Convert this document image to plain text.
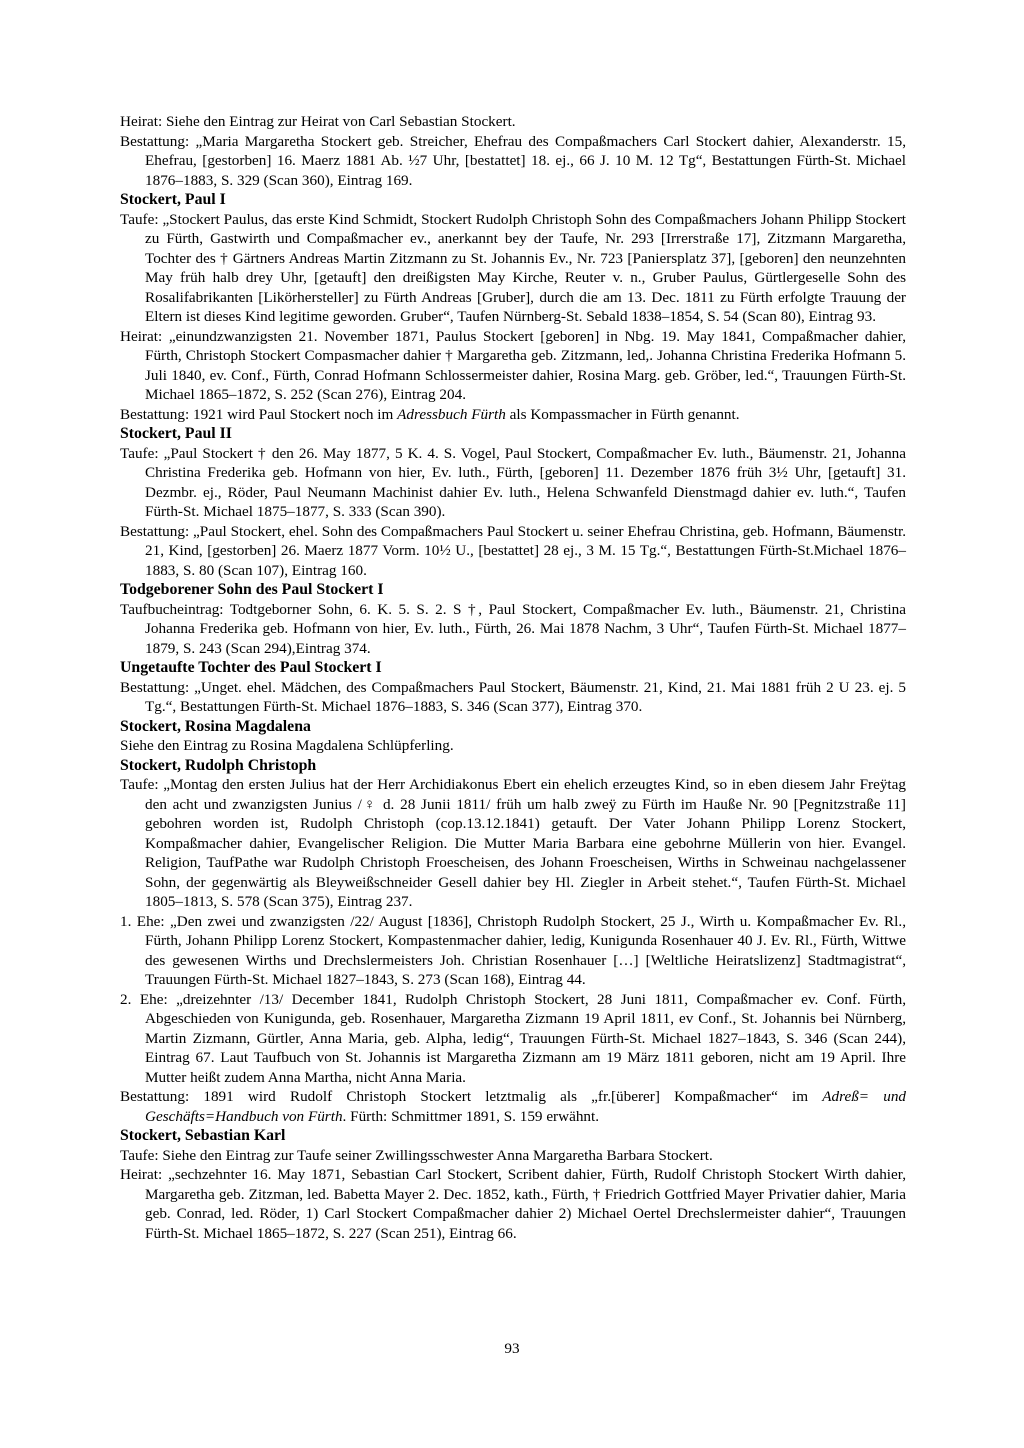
Heirat: Siehe den Eintrag zur Heirat von Carl Sebastian Stockert.

Bestattung: „Maria Margaretha Stockert geb. Streicher, Ehefrau des Compaßmachers Carl Stockert dahier, Alexanderstr. 15, Ehefrau, [gestorben] 16. Maerz 1881 Ab. ½7 Uhr, [bestattet] 18. ej., 66 J. 10 M. 12 Tg“, Bestattungen Fürth-St. Michael 1876–1883, S. 329 (Scan 360), Eintrag 169.

Stockert, Paul I

Taufe: „Stockert Paulus, das erste Kind Schmidt, Stockert Rudolph Christoph Sohn des Compaßmachers Johann Philipp Stockert zu Fürth, Gastwirth und Compaßmacher ev., anerkannt bey der Taufe, Nr. 293 [Irrerstraße 17], Zitzmann Margaretha, Tochter des † Gärtners Andreas Martin Zitzmann zu St. Johannis Ev., Nr. 723 [Paniersplatz 37], [geboren] den neunzehnten May früh halb drey Uhr, [getauft] den dreißigsten May Kirche, Reuter v. n., Gruber Paulus, Gürtlergeselle Sohn des Rosalifabrikanten [Likörhersteller] zu Fürth Andreas [Gruber], durch die am 13. Dec. 1811 zu Fürth erfolgte Trauung der Eltern ist dieses Kind legitime geworden. Gruber“, Taufen Nürnberg-St. Sebald 1838–1854, S. 54 (Scan 80), Eintrag 93.

Heirat: „einundzwanzigsten 21. November 1871, Paulus Stockert [geboren] in Nbg. 19. May 1841, Compaßmacher dahier, Fürth, Christoph Stockert Compasmacher dahier † Margaretha geb. Zitzmann, led,. Johanna Christina Frederika Hofmann 5. Juli 1840, ev. Conf., Fürth, Conrad Hofmann Schlossermeister dahier, Rosina Marg. geb. Gröber, led.“, Trauungen Fürth-St. Michael 1865–1872, S. 252 (Scan 276), Eintrag 204.

Bestattung: 1921 wird Paul Stockert noch im Adressbuch Fürth als Kompassmacher in Fürth genannt.

Stockert, Paul II

Taufe: „Paul Stockert † den 26. May 1877, 5 K. 4. S. Vogel, Paul Stockert, Compaßmacher Ev. luth., Bäumenstr. 21, Johanna Christina Frederika geb. Hofmann von hier, Ev. luth., Fürth, [geboren] 11. Dezember 1876 früh 3½ Uhr, [getauft] 31. Dezmbr. ej., Röder, Paul Neumann Machinist dahier Ev. luth., Helena Schwanfeld Dienstmagd dahier ev. luth.“, Taufen Fürth-St. Michael 1875–1877, S. 333 (Scan 390).

Bestattung: „Paul Stockert, ehel. Sohn des Compaßmachers Paul Stockert u. seiner Ehefrau Christina, geb. Hofmann, Bäumenstr. 21, Kind, [gestorben] 26. Maerz 1877 Vorm. 10½ U., [bestattet] 28 ej., 3 M. 15 Tg.“, Bestattungen Fürth-St.Michael 1876–1883, S. 80 (Scan 107), Eintrag 160.

Todgeborener Sohn des Paul Stockert I

Taufbucheintrag: Todtgeborner Sohn, 6. K. 5. S. 2. S †, Paul Stockert, Compaßmacher Ev. luth., Bäumenstr. 21, Christina Johanna Frederika geb. Hofmann von hier, Ev. luth., Fürth, 26. Mai 1878 Nachm, 3 Uhr“, Taufen Fürth-St. Michael 1877–1879, S. 243 (Scan 294),Eintrag 374.

Ungetaufte Tochter des Paul Stockert I

Bestattung: „Unget. ehel. Mädchen, des Compaßmachers Paul Stockert, Bäumenstr. 21, Kind, 21. Mai 1881 früh 2 U 23. ej. 5 Tg.“, Bestattungen Fürth-St. Michael 1876–1883, S. 346 (Scan 377), Eintrag 370.

Stockert, Rosina Magdalena

Siehe den Eintrag zu Rosina Magdalena Schlüpferling.

Stockert, Rudolph Christoph

Taufe: „Montag den ersten Julius hat der Herr Archidiakonus Ebert ein ehelich erzeugtes Kind, so in eben diesem Jahr Freÿtag den acht und zwanzigsten Junius /♀ d. 28 Junii 1811/ früh um halb zweÿ zu Fürth im Hauße Nr. 90 [Pegnitzstraße 11] gebohren worden ist, Rudolph Christoph (cop.13.12.1841) getauft. Der Vater Johann Philipp Lorenz Stockert, Kompaßmacher dahier, Evangelischer Religion. Die Mutter Maria Barbara eine gebohrne Müllerin von hier. Evangel. Religion, TaufPathe war Rudolph Christoph Froescheisen, des Johann Froescheisen, Wirths in Schweinau nachgelassener Sohn, der gegenwärtig als Bleyweißschneider Gesell dahier bey Hl. Ziegler in Arbeit stehet.“, Taufen Fürth-St. Michael 1805–1813, S. 578 (Scan 375), Eintrag 237.

1. Ehe: „Den zwei und zwanzigsten /22/ August [1836], Christoph Rudolph Stockert, 25 J., Wirth u. Kompaßmacher Ev. Rl., Fürth, Johann Philipp Lorenz Stockert, Kompastenmacher dahier, ledig, Kunigunda Rosenhauer 40 J. Ev. Rl., Fürth, Wittwe des gewesenen Wirths und Drechslermeisters Joh. Christian Rosenhauer […] [Weltliche Heiratslizenz] Stadtmagistrat“, Trauungen Fürth-St. Michael 1827–1843, S. 273 (Scan 168), Eintrag 44.

2. Ehe: „dreizehnter /13/ December 1841, Rudolph Christoph Stockert, 28 Juni 1811, Compaßmacher ev. Conf. Fürth, Abgeschieden von Kunigunda, geb. Rosenhauer, Margaretha Zizmann 19 April 1811, ev Conf., St. Johannis bei Nürnberg, Martin Zizmann, Gürtler, Anna Maria, geb. Alpha, ledig“, Trauungen Fürth-St. Michael 1827–1843, S. 346 (Scan 244), Eintrag 67. Laut Taufbuch von St. Johannis ist Margaretha Zizmann am 19 März 1811 geboren, nicht am 19 April. Ihre Mutter heißt zudem Anna Martha, nicht Anna Maria.

Bestattung: 1891 wird Rudolf Christoph Stockert letztmalig als „fr.[überer] Kompaßmacher“ im Adreß= und Geschäfts=Handbuch von Fürth. Fürth: Schmittmer 1891, S. 159 erwähnt.

Stockert, Sebastian Karl

Taufe: Siehe den Eintrag zur Taufe seiner Zwillingsschwester Anna Margaretha Barbara Stockert.

Heirat: „sechzehnter 16. May 1871, Sebastian Carl Stockert, Scribent dahier, Fürth, Rudolf Christoph Stockert Wirth dahier, Margaretha geb. Zitzman, led. Babetta Mayer 2. Dec. 1852, kath., Fürth, † Friedrich Gottfried Mayer Privatier dahier, Maria geb. Conrad, led. Röder, 1) Carl Stockert Compaßmacher dahier 2) Michael Oertel Drechslermeister dahier“, Trauungen Fürth-St. Michael 1865–1872, S. 227 (Scan 251), Eintrag 66.

93
